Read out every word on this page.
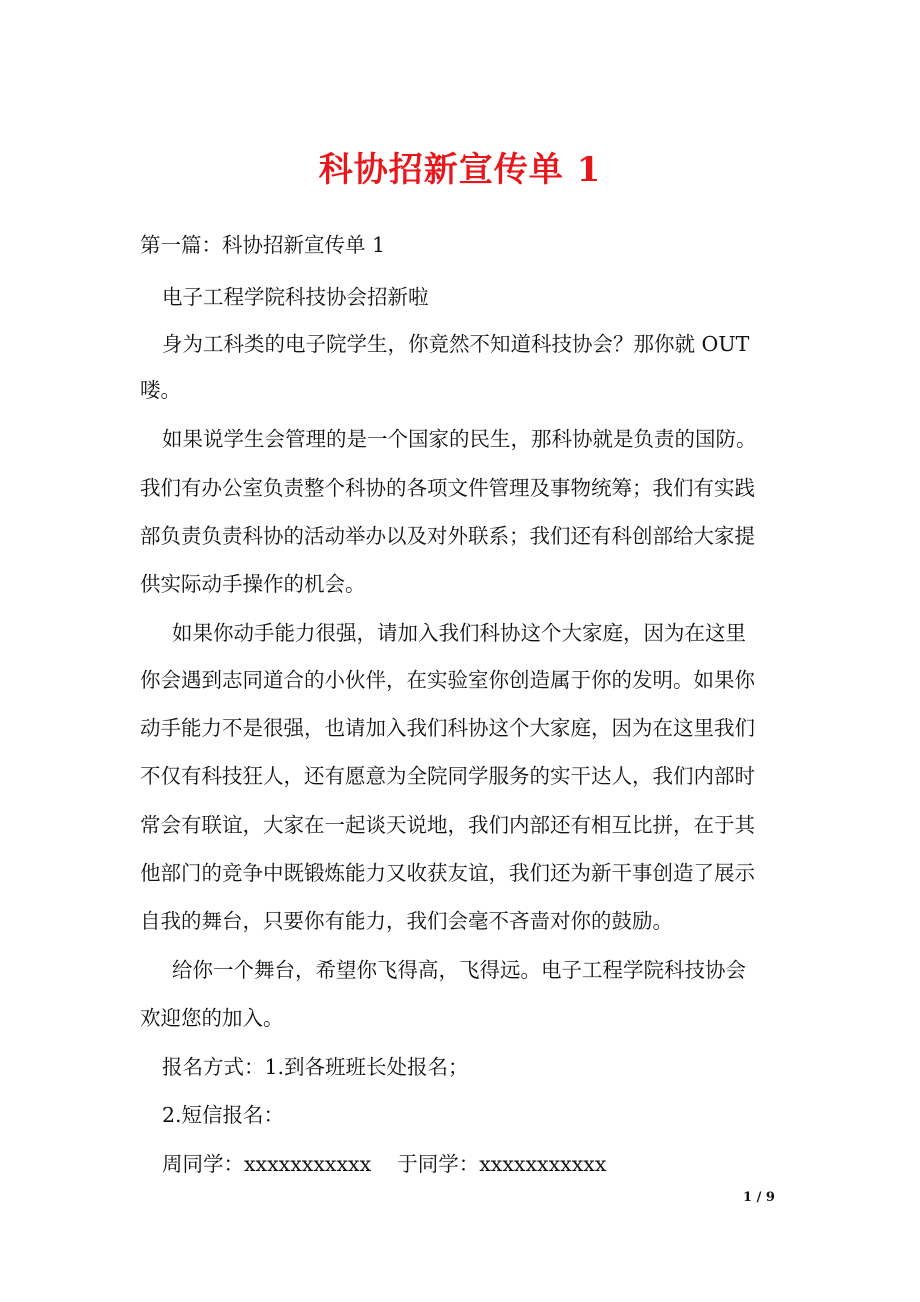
科协招新宣传单 1
第一篇：科协招新宣传单 1
电子工程学院科技协会招新啦
身为工科类的电子院学生，你竟然不知道科技协会？那你就 OUT
喽。
如果说学生会管理的是一个国家的民生，那科协就是负责的国防。
我们有办公室负责整个科协的各项文件管理及事物统筹；我们有实践
部负责负责科协的活动举办以及对外联系；我们还有科创部给大家提
供实际动手操作的机会。
如果你动手能力很强，请加入我们科协这个大家庭，因为在这里
你会遇到志同道合的小伙伴，在实验室你创造属于你的发明。如果你
动手能力不是很强，也请加入我们科协这个大家庭，因为在这里我们
不仅有科技狂人，还有愿意为全院同学服务的实干达人，我们内部时
常会有联谊，大家在一起谈天说地，我们内部还有相互比拼，在于其
他部门的竞争中既锻炼能力又收获友谊，我们还为新干事创造了展示
自我的舞台，只要你有能力，我们会毫不吝啬对你的鼓励。
给你一个舞台，希望你飞得高，飞得远。电子工程学院科技协会
欢迎您的加入。
报名方式：1.到各班班长处报名；
2.短信报名：
周同学：xxxxxxxxxxx    于同学：xxxxxxxxxxx
1 / 9
